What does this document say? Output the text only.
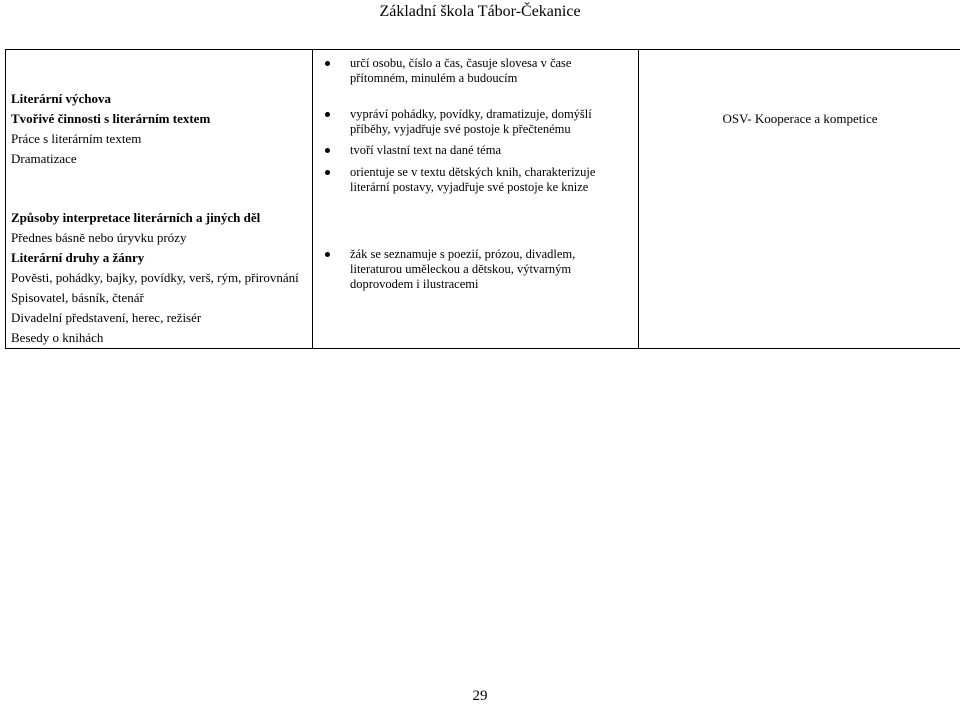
Základní škola Tábor-Čekanice
Literární výchova
Tvořivé činnosti s literárním textem
Práce s literárním textem
Dramatizace
Způsoby interpretace literárních a jiných děl
Přednes básně nebo úryvku prózy
Literární druhy a žánry
Pověsti, pohádky, bajky, povídky, verš, rým, přirovnání
Spisovatel, básník, čtenář
Divadelní představení, herec, režisér
Besedy o knihách

určí osobu, číslo a čas, časuje slovesa v čase přítomném, minulém a budoucím
vypráví pohádky, povídky, dramatizuje, domýšlí příběhy, vyjadřuje své postoje k přečtenému
tvoří vlastní text na dané téma
orientuje se v textu dětských knih, charakterizuje literární postavy, vyjadřuje své postoje ke knize
žák se seznamuje s poezií, prózou, divadlem, literaturou uměleckou a dětskou, výtvarným doprovodem i ilustracemi

OSV- Kooperace a kompetice
29
